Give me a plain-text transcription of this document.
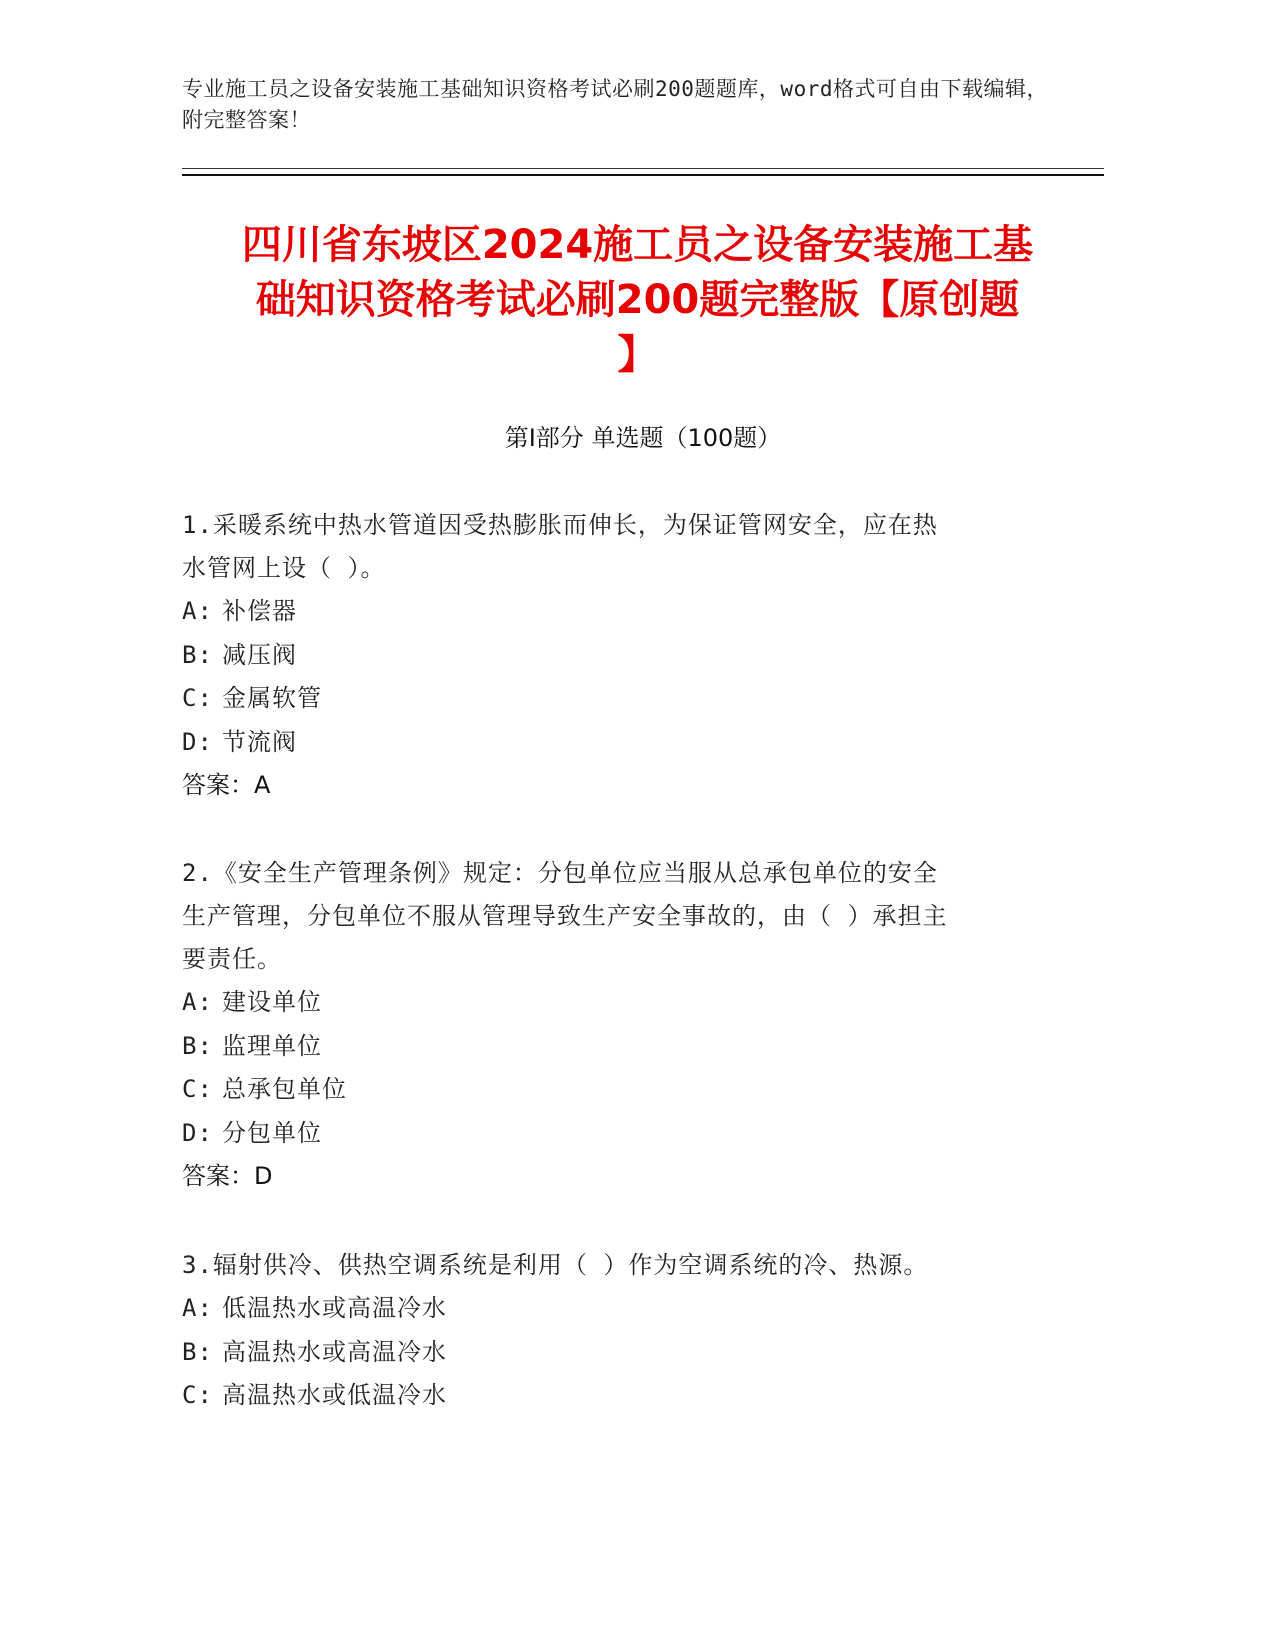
专业施工员之设备安装施工基础知识资格考试必刷200题题库，word格式可自由下载编辑，附完整答案！
四川省东坡区2024施工员之设备安装施工基
础知识资格考试必刷200题完整版【原创题
】
第Ⅰ部分 单选题（100题）
1.采暖系统中热水管道因受热膨胀而伸长，为保证管网安全，应在热
水管网上设（ ）。
A: 补偿器
B: 减压阀
C: 金属软管
D: 节流阀
答案：A
2.《安全生产管理条例》规定：分包单位应当服从总承包单位的安全
生产管理，分包单位不服从管理导致生产安全事故的，由（ ）承担主
要责任。
A: 建设单位
B: 监理单位
C: 总承包单位
D: 分包单位
答案：D
3.辐射供冷、供热空调系统是利用（ ）作为空调系统的冷、热源。
A: 低温热水或高温冷水
B: 高温热水或高温冷水
C: 高温热水或低温冷水
